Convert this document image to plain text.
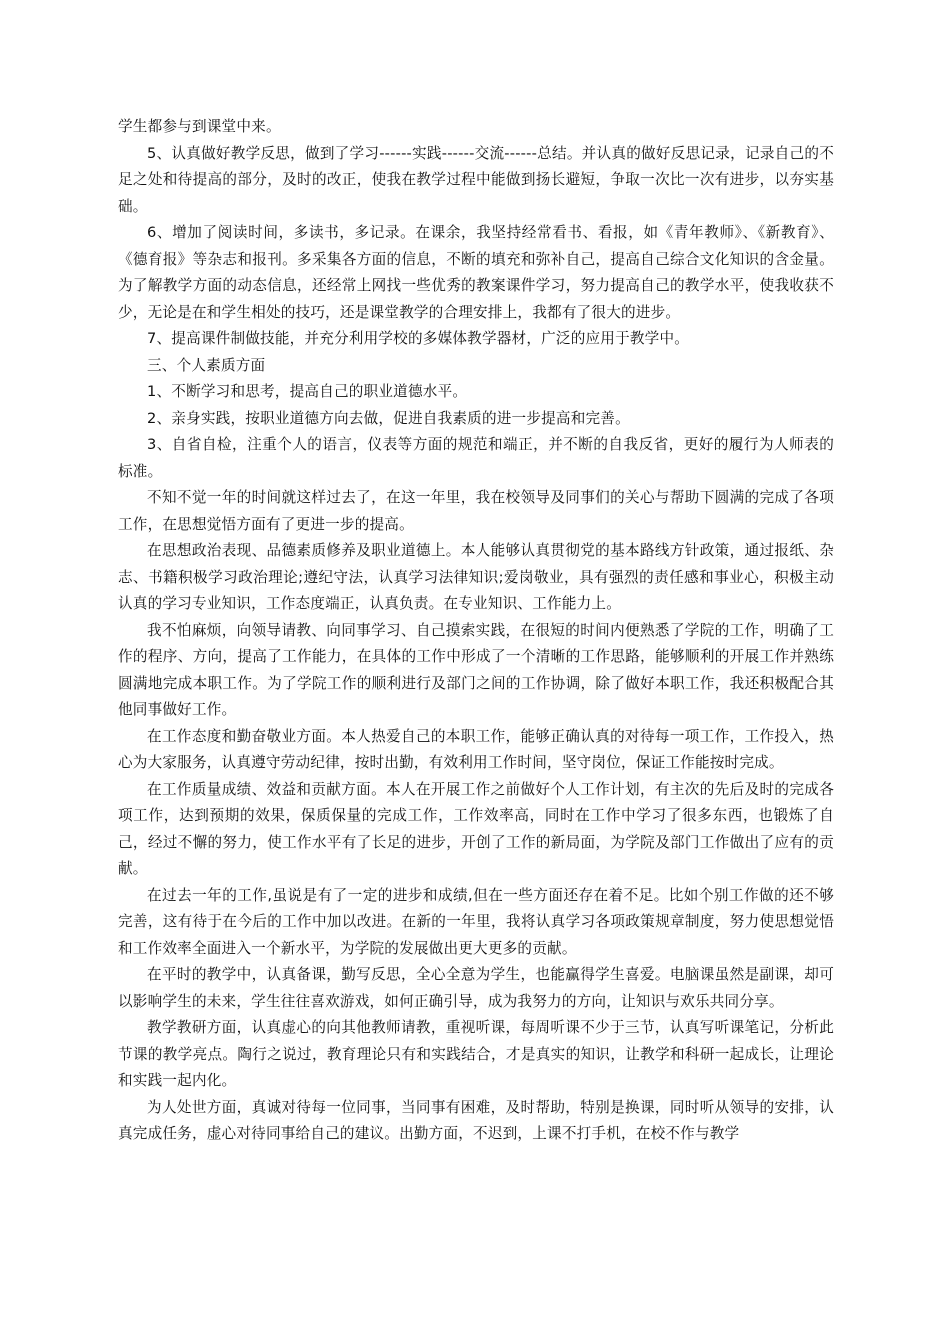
学生都参与到课堂中来。

5、认真做好教学反思，做到了学习------实践------交流------总结。并认真的做好反思记录，记录自己的不足之处和待提高的部分，及时的改正，使我在教学过程中能做到扬长避短，争取一次比一次有进步，以夯实基础。

6、增加了阅读时间，多读书，多记录。在课余，我坚持经常看书、看报，如《青年教师》、《新教育》、《德育报》等杂志和报刊。多采集各方面的信息，不断的填充和弥补自己，提高自己综合文化知识的含金量。为了解教学方面的动态信息，还经常上网找一些优秀的教案课件学习，努力提高自己的教学水平，使我收获不少，无论是在和学生相处的技巧，还是课堂教学的合理安排上，我都有了很大的进步。

7、提高课件制做技能，并充分利用学校的多媒体教学器材，广泛的应用于教学中。

三、个人素质方面

1、不断学习和思考，提高自己的职业道德水平。

2、亲身实践，按职业道德方向去做，促进自我素质的进一步提高和完善。

3、自省自检，注重个人的语言，仪表等方面的规范和端正，并不断的自我反省，更好的履行为人师表的标准。

不知不觉一年的时间就这样过去了，在这一年里，我在校领导及同事们的关心与帮助下圆满的完成了各项工作，在思想觉悟方面有了更进一步的提高。

在思想政治表现、品德素质修养及职业道德上。本人能够认真贯彻党的基本路线方针政策，通过报纸、杂志、书籍积极学习政治理论;遵纪守法，认真学习法律知识;爱岗敬业，具有强烈的责任感和事业心，积极主动认真的学习专业知识，工作态度端正，认真负责。在专业知识、工作能力上。

我不怕麻烦，向领导请教、向同事学习、自己摸索实践，在很短的时间内便熟悉了学院的工作，明确了工作的程序、方向，提高了工作能力，在具体的工作中形成了一个清晰的工作思路，能够顺利的开展工作并熟练圆满地完成本职工作。为了学院工作的顺利进行及部门之间的工作协调，除了做好本职工作，我还积极配合其他同事做好工作。

在工作态度和勤奋敬业方面。本人热爱自己的本职工作，能够正确认真的对待每一项工作，工作投入，热心为大家服务，认真遵守劳动纪律，按时出勤，有效利用工作时间，坚守岗位，保证工作能按时完成。

在工作质量成绩、效益和贡献方面。本人在开展工作之前做好个人工作计划，有主次的先后及时的完成各项工作，达到预期的效果，保质保量的完成工作，工作效率高，同时在工作中学习了很多东西，也锻炼了自己，经过不懈的努力，使工作水平有了长足的进步，开创了工作的新局面，为学院及部门工作做出了应有的贡献。

在过去一年的工作,虽说是有了一定的进步和成绩,但在一些方面还存在着不足。比如个别工作做的还不够完善，这有待于在今后的工作中加以改进。在新的一年里，我将认真学习各项政策规章制度，努力使思想觉悟和工作效率全面进入一个新水平，为学院的发展做出更大更多的贡献。

在平时的教学中，认真备课，勤写反思，全心全意为学生，也能赢得学生喜爱。电脑课虽然是副课，却可以影响学生的未来，学生往往喜欢游戏，如何正确引导，成为我努力的方向，让知识与欢乐共同分享。

教学教研方面，认真虚心的向其他教师请教，重视听课，每周听课不少于三节，认真写听课笔记，分析此节课的教学亮点。陶行之说过，教育理论只有和实践结合，才是真实的知识，让教学和科研一起成长，让理论和实践一起内化。

为人处世方面，真诚对待每一位同事，当同事有困难，及时帮助，特别是换课，同时听从领导的安排，认真完成任务，虚心对待同事给自己的建议。出勤方面，不迟到，上课不打手机，在校不作与教学
